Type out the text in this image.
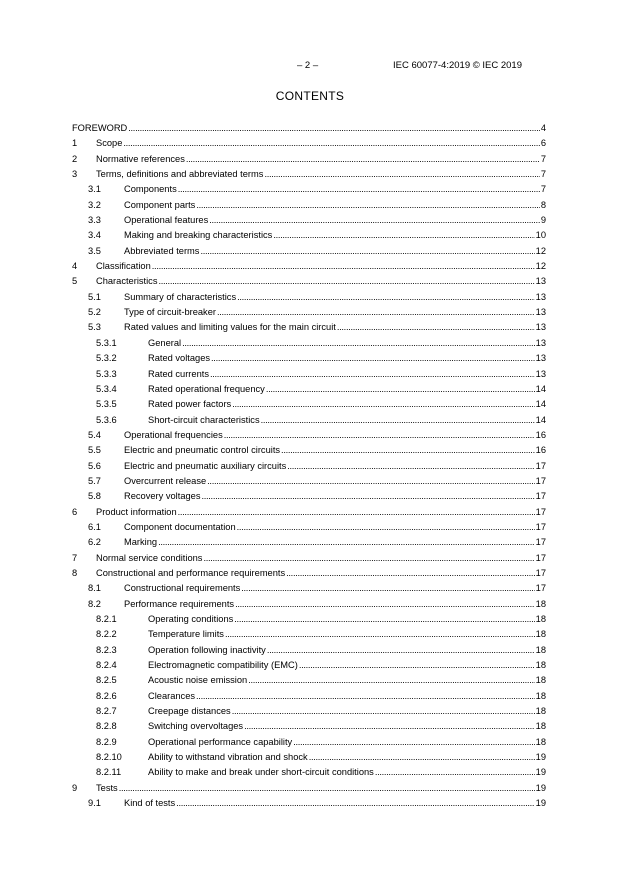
– 2 –	IEC 60077-4:2019 © IEC 2019
CONTENTS
FOREWORD . . .	4
1 Scope . . .	6
2 Normative references . . .	7
3 Terms, definitions and abbreviated terms . . .	7
3.1 Components . . .	7
3.2 Component parts . . .	8
3.3 Operational features . . .	9
3.4 Making and breaking characteristics . . .	10
3.5 Abbreviated terms . . .	12
4 Classification . . .	12
5 Characteristics . . .	13
5.1 Summary of characteristics . . .	13
5.2 Type of circuit-breaker . . .	13
5.3 Rated values and limiting values for the main circuit . . .	13
5.3.1	General . . .	13
5.3.2	Rated voltages . . .	13
5.3.3	Rated currents . . .	13
5.3.4	Rated operational frequency . . .	14
5.3.5	Rated power factors . . .	14
5.3.6	Short-circuit characteristics . . .	14
5.4 Operational frequencies . . .	16
5.5 Electric and pneumatic control circuits . . .	16
5.6 Electric and pneumatic auxiliary circuits . . .	17
5.7 Overcurrent release . . .	17
5.8 Recovery voltages . . .	17
6 Product information . . .	17
6.1 Component documentation . . .	17
6.2 Marking . . .	17
7 Normal service conditions . . .	17
8 Constructional and performance requirements . . .	17
8.1 Constructional requirements . . .	17
8.2 Performance requirements . . .	18
8.2.1	Operating conditions . . .	18
8.2.2	Temperature limits . . .	18
8.2.3	Operation following inactivity . . .	18
8.2.4	Electromagnetic compatibility (EMC) . . .	18
8.2.5	Acoustic noise emission . . .	18
8.2.6	Clearances . . .	18
8.2.7	Creepage distances . . .	18
8.2.8	Switching overvoltages . . .	18
8.2.9	Operational performance capability . . .	18
8.2.10	Ability to withstand vibration and shock . . .	19
8.2.11	Ability to make and break under short-circuit conditions . . .	19
9 Tests . . .	19
9.1 Kind of tests . . .	19
